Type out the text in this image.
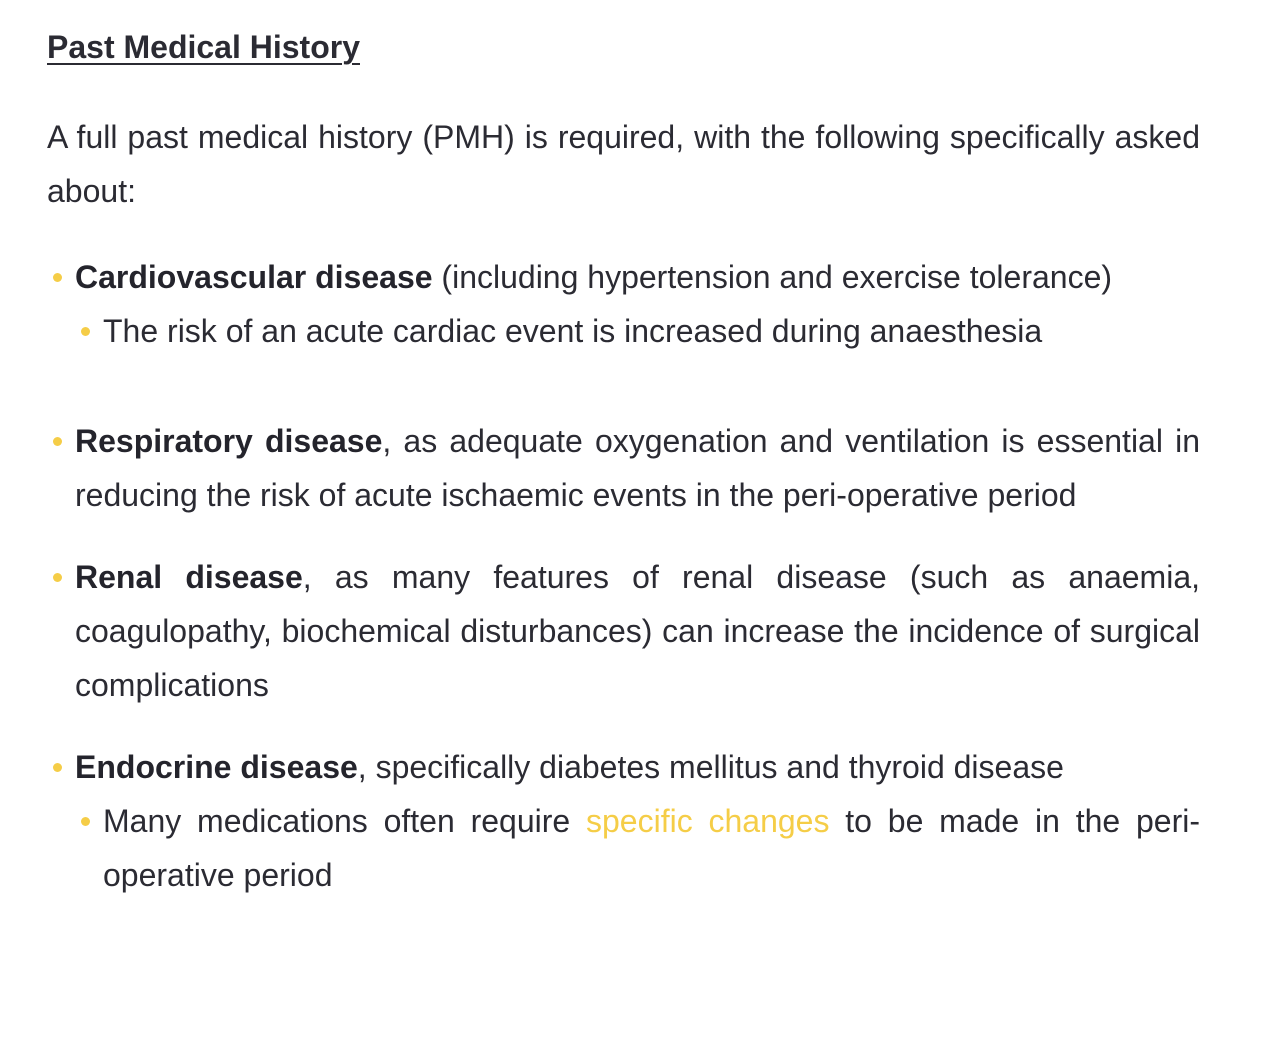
Past Medical History

A full past medical history (PMH) is required, with the following specifically asked about:

Cardiovascular disease (including hypertension and exercise tolerance)
The risk of an acute cardiac event is increased during anaesthesia
Respiratory disease, as adequate oxygenation and ventilation is essential in reducing the risk of acute ischaemic events in the peri-operative period
Renal disease, as many features of renal disease (such as anaemia, coagulopathy, biochemical disturbances) can increase the incidence of surgical complications
Endocrine disease, specifically diabetes mellitus and thyroid disease
Many medications often require specific changes to be made in the peri-operative period
